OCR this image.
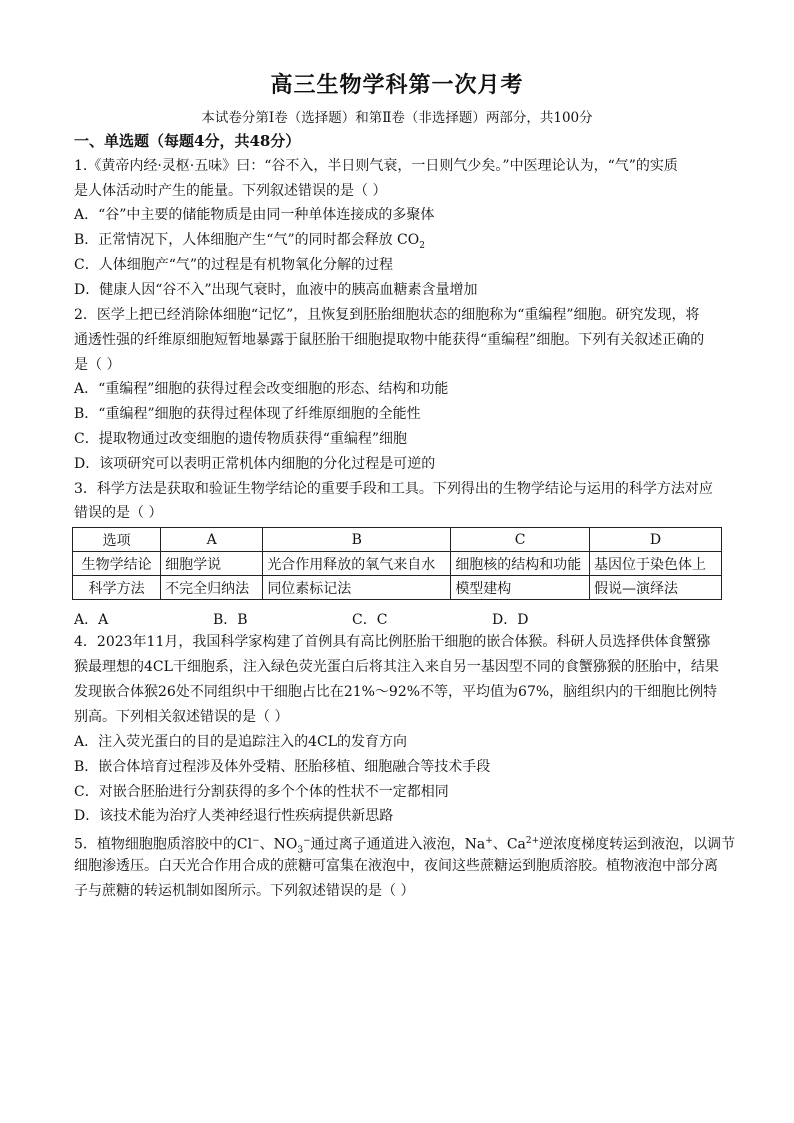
高三生物学科第一次月考
本试卷分第Ⅰ卷（选择题）和第Ⅱ卷（非选择题）两部分，共100分
一、单选题（每题4分，共48分）
1.《黄帝内经·灵枢·五味》曰：“谷不入，半日则气衰，一日则气少矣。”中医理论认为，“气”的实质
是人体活动时产生的能量。下列叙述错误的是（ ）
A．“谷”中主要的储能物质是由同一种单体连接成的多聚体
B．正常情况下，人体细胞产生“气”的同时都会释放 $CO_2$
C．人体细胞产“气”的过程是有机物氧化分解的过程
D．健康人因“谷不入”出现气衰时，血液中的胰高血糖素含量增加
2．医学上把已经消除体细胞“记忆”，且恢复到胚胎细胞状态的细胞称为“重编程”细胞。研究发现，将
通透性强的纤维原细胞短暂地暴露于鼠胚胎干细胞提取物中能获得“重编程”细胞。下列有关叙述正确的
是（ ）
A．“重编程”细胞的获得过程会改变细胞的形态、结构和功能
B．“重编程”细胞的获得过程体现了纤维原细胞的全能性
C．提取物通过改变细胞的遗传物质获得“重编程”细胞
D．该项研究可以表明正常机体内细胞的分化过程是可逆的
3．科学方法是获取和验证生物学结论的重要手段和工具。下列得出的生物学结论与运用的科学方法对应
错误的是（ ）
选项	A	B	C	D
生物学结论	细胞学说	光合作用释放的氧气来自水	细胞核的结构和功能	基因位于染色体上
科学方法	不完全归纳法	同位素标记法	模型建构	假说—演绎法
A．A	B．B	C．C	D．D
4．2023年11月，我国科学家构建了首例具有高比例胚胎干细胞的嵌合体猴。科研人员选择供体食蟹猕
猴最理想的4CL干细胞系，注入绿色荧光蛋白后将其注入来自另一基因型不同的食蟹猕猴的胚胎中，结果
发现嵌合体猴26处不同组织中干细胞占比在21%～92%不等，平均值为67%，脑组织内的干细胞比例特
别高。下列相关叙述错误的是（ ）
A．注入荧光蛋白的目的是追踪注入的4CL的发育方向
B．嵌合体培育过程涉及体外受精、胚胎移植、细胞融合等技术手段
C．对嵌合胚胎进行分割获得的多个个体的性状不一定都相同
D．该技术能为治疗人类神经退行性疾病提供新思路
5．植物细胞胞质溶胶中的Cl−、$NO_3^-$通过离子通道进入液泡，Na+、$Ca^{2+}$逆浓度梯度转运到液泡，以调节
细胞渗透压。白天光合作用合成的蔗糖可富集在液泡中，夜间这些蔗糖运到胞质溶胶。植物液泡中部分离
子与蔗糖的转运机制如图所示。下列叙述错误的是（ ）
